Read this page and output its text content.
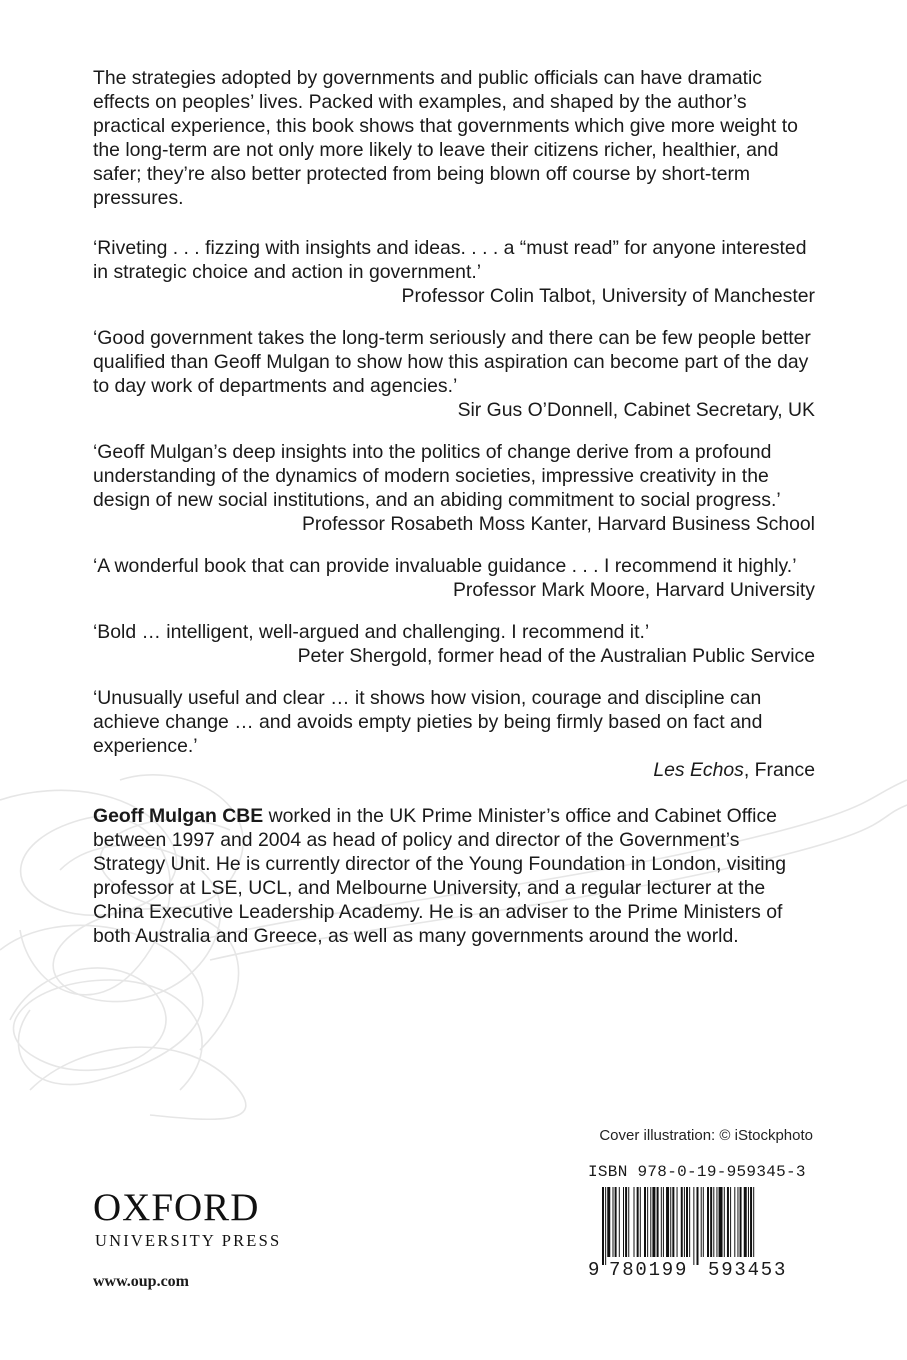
The strategies adopted by governments and public officials can have dramatic effects on peoples’ lives. Packed with examples, and shaped by the author’s practical experience, this book shows that governments which give more weight to the long-term are not only more likely to leave their citizens richer, healthier, and safer; they’re also better protected from being blown off course by short-term pressures.

‘Riveting . . . fizzing with insights and ideas. . . . a “must read” for anyone interested in strategic choice and action in government.’

Professor Colin Talbot, University of Manchester

‘Good government takes the long-term seriously and there can be few people better qualified than Geoff Mulgan to show how this aspiration can become part of the day to day work of departments and agencies.’

Sir Gus O’Donnell, Cabinet Secretary, UK

‘Geoff Mulgan’s deep insights into the politics of change derive from a profound understanding of the dynamics of modern societies, impressive creativity in the design of new social institutions, and an abiding commitment to social progress.’

Professor Rosabeth Moss Kanter, Harvard Business School

‘A wonderful book that can provide invaluable guidance . . . I recommend it highly.’

Professor Mark Moore, Harvard University

‘Bold … intelligent, well-argued and challenging. I recommend it.’

Peter Shergold, former head of the Australian Public Service

‘Unusually useful and clear … it shows how vision, courage and discipline can achieve change … and avoids empty pieties by being firmly based on fact and experience.’

Les Echos, France

Geoff Mulgan CBE worked in the UK Prime Minister’s office and Cabinet Office between 1997 and 2004 as head of policy and director of the Government’s Strategy Unit. He is currently director of the Young Foundation in London, visiting professor at LSE, UCL, and Melbourne University, and a regular lecturer at the China Executive Leadership Academy. He is an adviser to the Prime Ministers of both Australia and Greece, as well as many governments around the world.

Cover illustration: © iStockphoto

OXFORD

UNIVERSITY PRESS

www.oup.com
ISBN 978-0-19-959345-3
9 780199 593453
